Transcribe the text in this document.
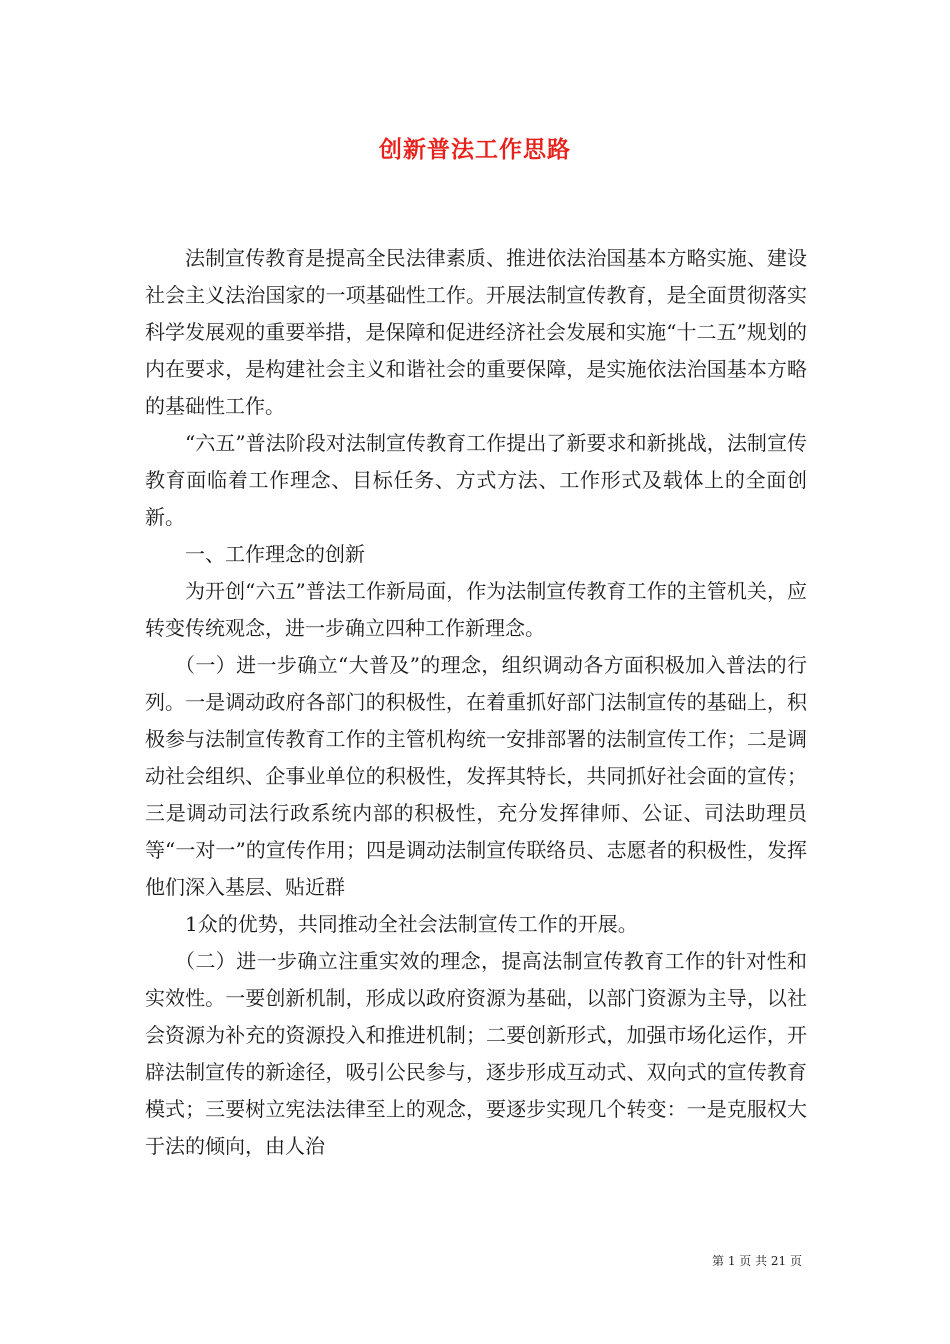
创新普法工作思路

法制宣传教育是提高全民法律素质、推进依法治国基本方略实施、建设社会主义法治国家的一项基础性工作。开展法制宣传教育，是全面贯彻落实科学发展观的重要举措，是保障和促进经济社会发展和实施“十二五”规划的内在要求，是构建社会主义和谐社会的重要保障，是实施依法治国基本方略的基础性工作。

“六五”普法阶段对法制宣传教育工作提出了新要求和新挑战，法制宣传教育面临着工作理念、目标任务、方式方法、工作形式及载体上的全面创新。

一、工作理念的创新

为开创“六五”普法工作新局面，作为法制宣传教育工作的主管机关，应转变传统观念，进一步确立四种工作新理念。

（一）进一步确立“大普及”的理念，组织调动各方面积极加入普法的行列。一是调动政府各部门的积极性，在着重抓好部门法制宣传的基础上，积极参与法制宣传教育工作的主管机构统一安排部署的法制宣传工作；二是调动社会组织、企事业单位的积极性，发挥其特长，共同抓好社会面的宣传；三是调动司法行政系统内部的积极性，充分发挥律师、公证、司法助理员等“一对一”的宣传作用；四是调动法制宣传联络员、志愿者的积极性，发挥他们深入基层、贴近群

1众的优势，共同推动全社会法制宣传工作的开展。

（二）进一步确立注重实效的理念，提高法制宣传教育工作的针对性和实效性。一要创新机制，形成以政府资源为基础，以部门资源为主导，以社会资源为补充的资源投入和推进机制；二要创新形式，加强市场化运作，开辟法制宣传的新途径，吸引公民参与，逐步形成互动式、双向式的宣传教育模式；三要树立宪法法律至上的观念，要逐步实现几个转变：一是克服权大于法的倾向，由人治

第 1 页 共 21 页
